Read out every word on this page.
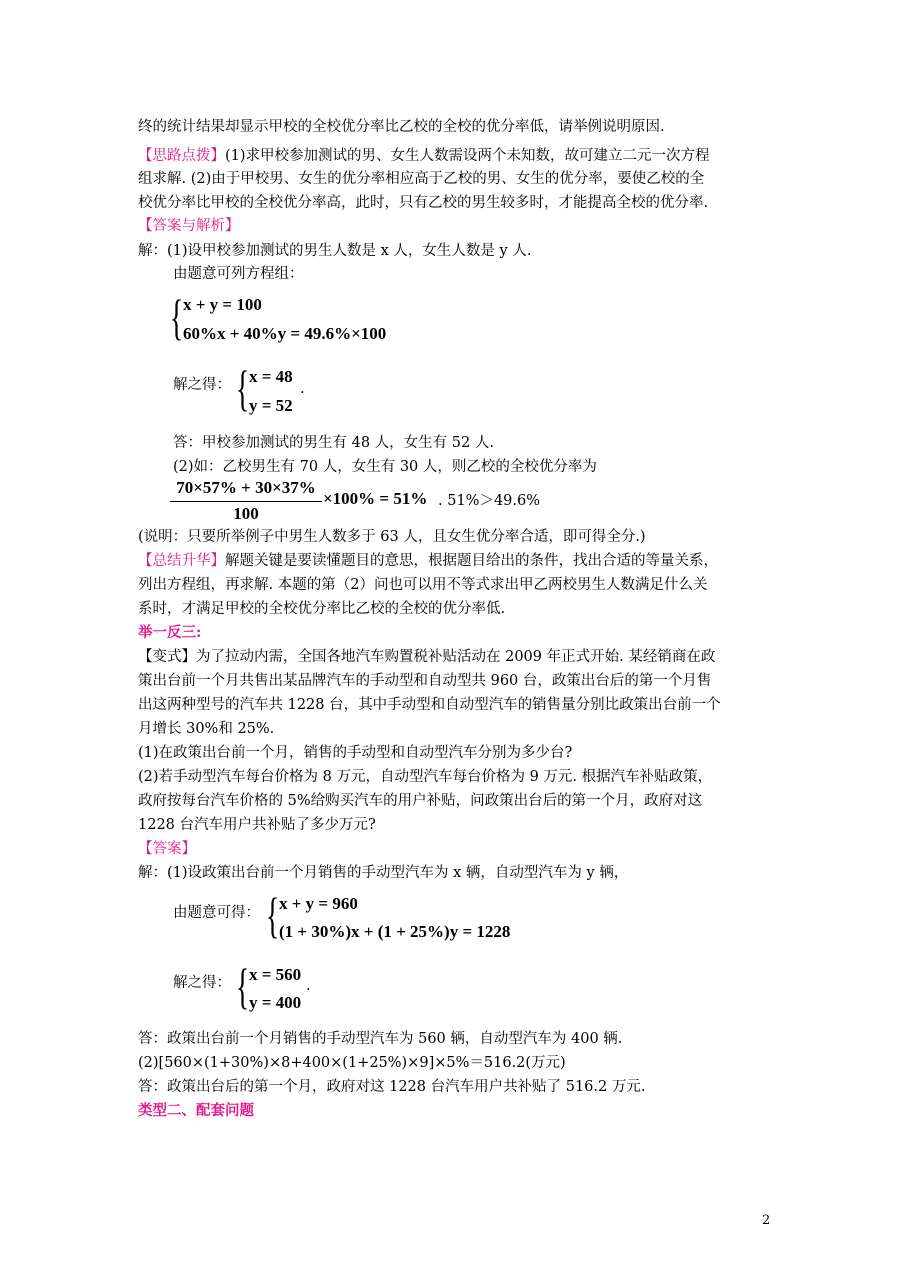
终的统计结果却显示甲校的全校优分率比乙校的全校的优分率低，请举例说明原因.
【思路点拨】(1)求甲校参加测试的男、女生人数需设两个未知数，故可建立二元一次方程
组求解. (2)由于甲校男、女生的优分率相应高于乙校的男、女生的优分率，要使乙校的全
校优分率比甲校的全校优分率高，此时，只有乙校的男生较多时，才能提高全校的优分率.
【答案与解析】
解：(1)设甲校参加测试的男生人数是 x 人，女生人数是 y 人.
由题意可列方程组：
{ x + y = 100
60%x + 40%y = 49.6%×100
解之得： { x = 48
y = 52
.
答：甲校参加测试的男生有 48 人，女生有 52 人.
(2)如：乙校男生有 70 人，女生有 30 人，则乙校的全校优分率为
70×57% + 30×37%
100
×100% = 51% . 51%＞49.6%
(说明：只要所举例子中男生人数多于 63 人，且女生优分率合适，即可得全分.)
【总结升华】解题关键是要读懂题目的意思，根据题目给出的条件，找出合适的等量关系，
列出方程组，再求解. 本题的第（2）问也可以用不等式求出甲乙两校男生人数满足什么关
系时，才满足甲校的全校优分率比乙校的全校的优分率低.
举一反三:
【变式】为了拉动内需，全国各地汽车购置税补贴活动在 2009 年正式开始. 某经销商在政
策出台前一个月共售出某品牌汽车的手动型和自动型共 960 台，政策出台后的第一个月售
出这两种型号的汽车共 1228 台，其中手动型和自动型汽车的销售量分别比政策出台前一个
月增长 30%和 25%.
(1)在政策出台前一个月，销售的手动型和自动型汽车分别为多少台?
(2)若手动型汽车每台价格为 8 万元，自动型汽车每台价格为 9 万元. 根据汽车补贴政策，
政府按每台汽车价格的 5%给购买汽车的用户补贴，问政策出台后的第一个月，政府对这
1228 台汽车用户共补贴了多少万元?
【答案】
解：(1)设政策出台前一个月销售的手动型汽车为 x 辆，自动型汽车为 y 辆，
由题意可得： { x + y = 960
(1 + 30%)x + (1 + 25%)y = 1228
解之得： { x = 560
y = 400
.
答：政策出台前一个月销售的手动型汽车为 560 辆，自动型汽车为 400 辆.
(2)[560×(1+30%)×8+400×(1+25%)×9]×5%＝516.2(万元)
答：政策出台后的第一个月，政府对这 1228 台汽车用户共补贴了 516.2 万元.
类型二、配套问题
2
